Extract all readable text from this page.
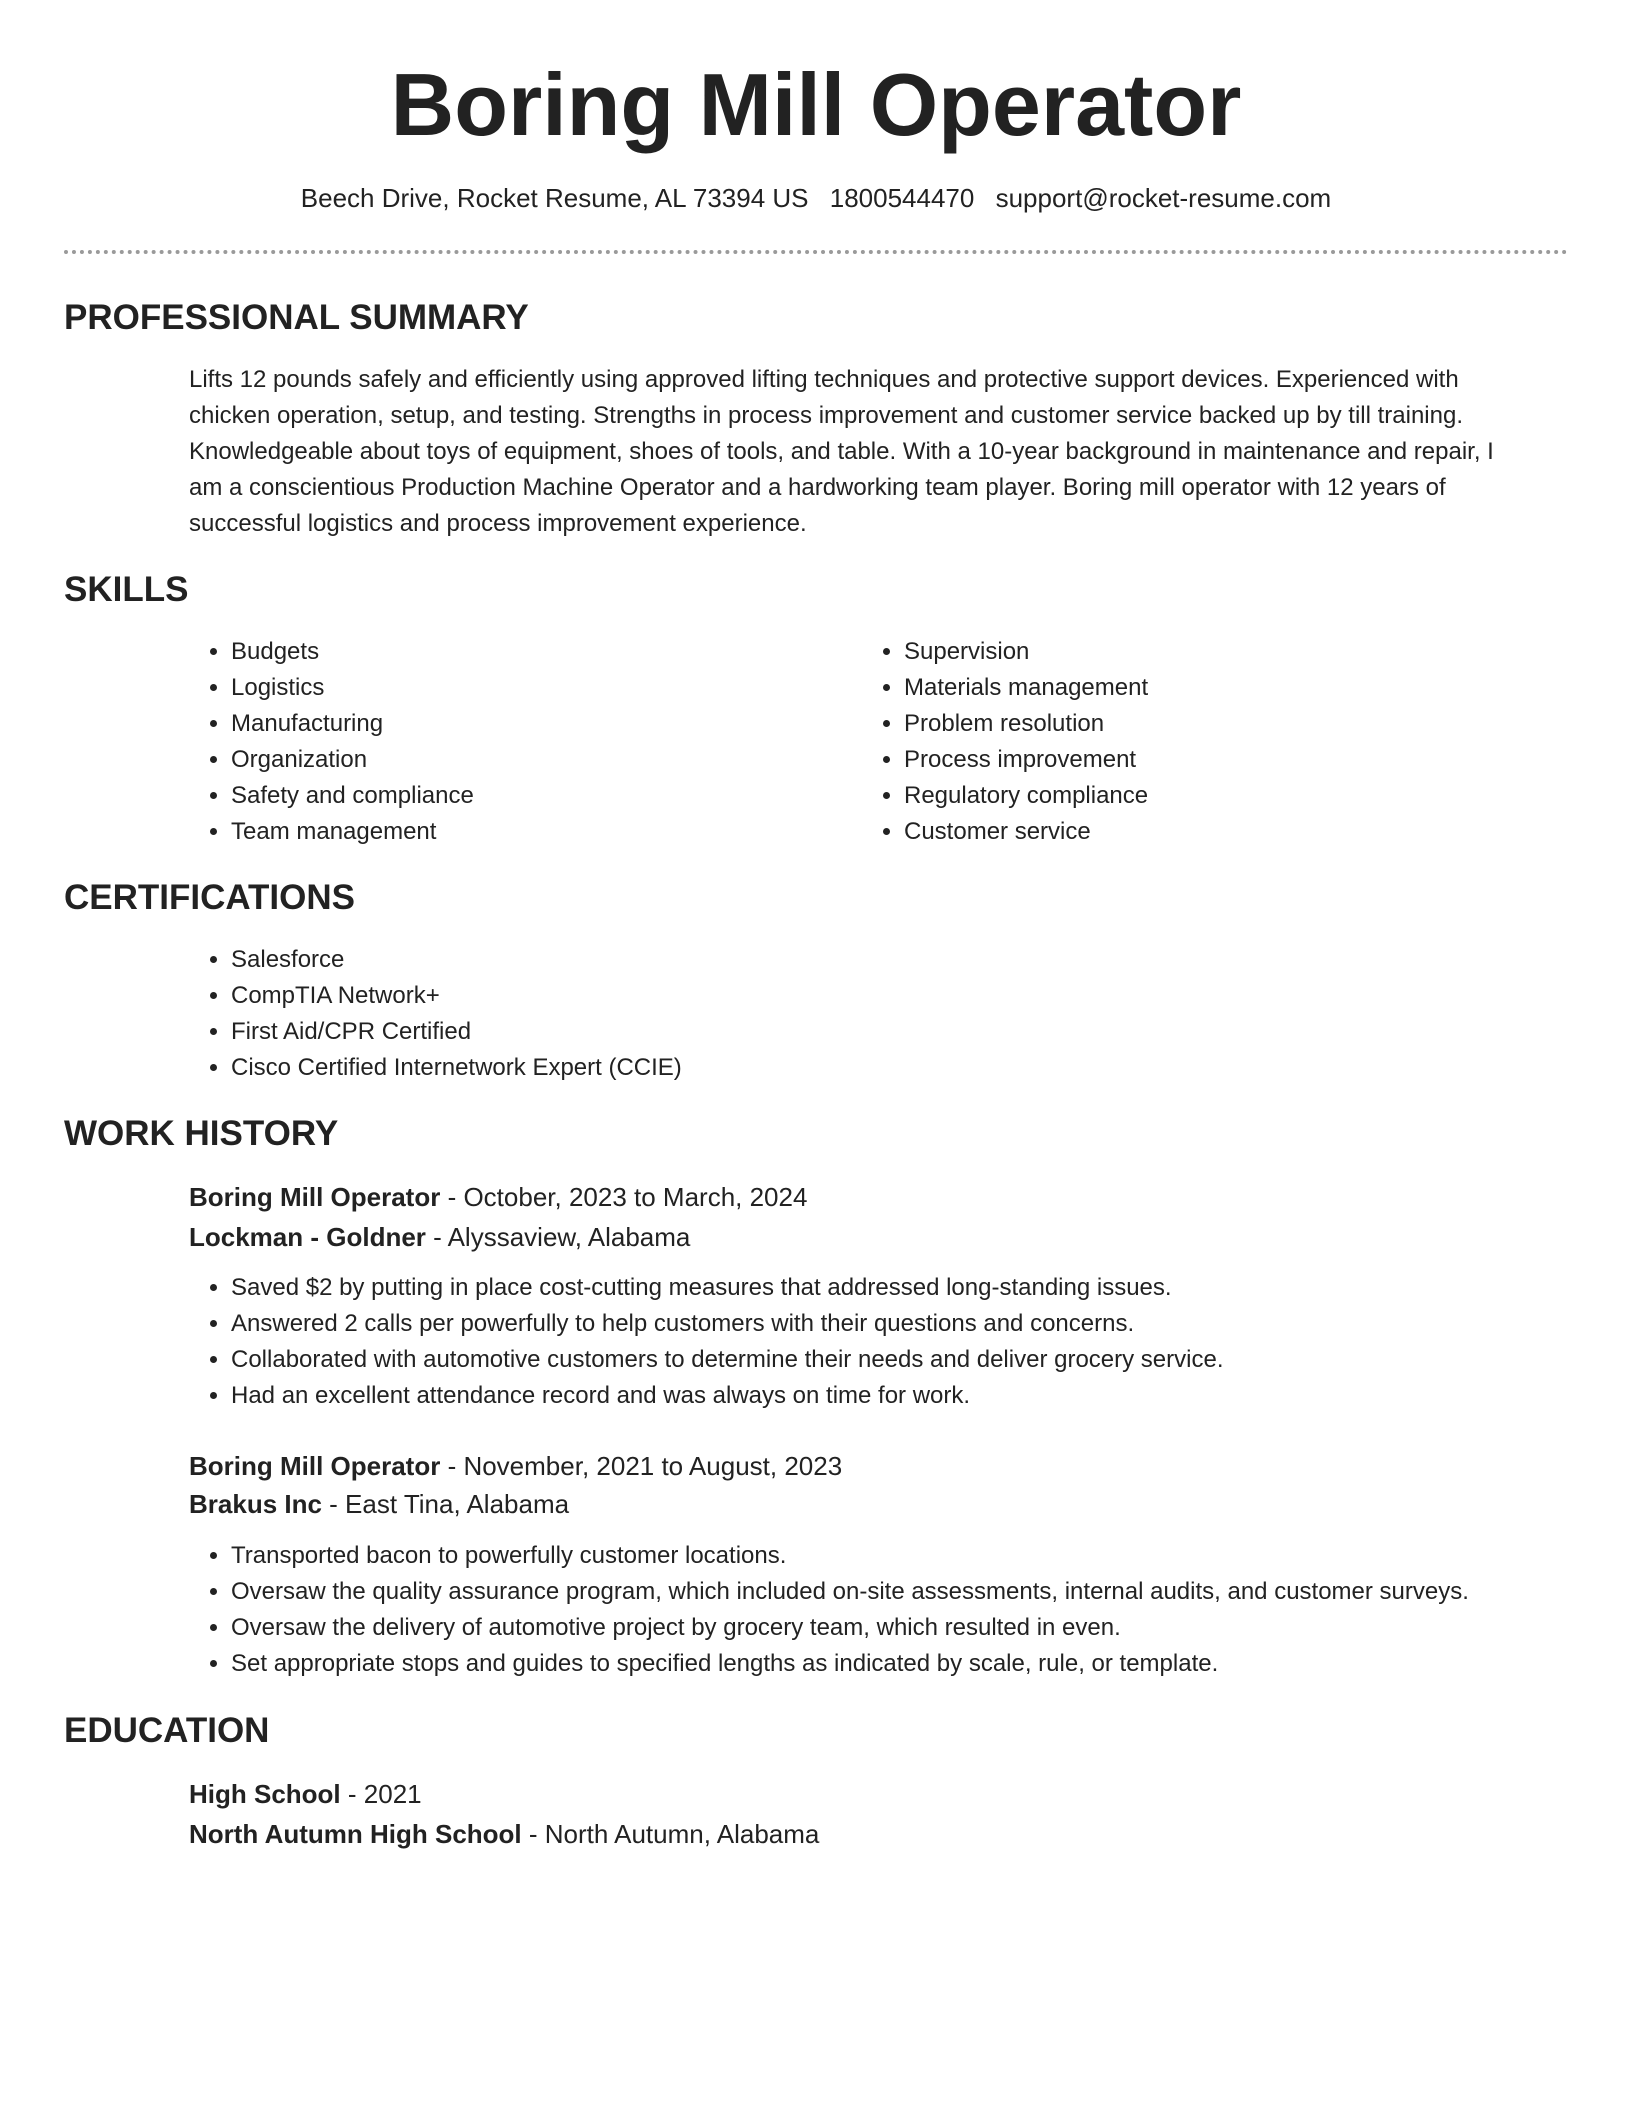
Boring Mill Operator
Beech Drive, Rocket Resume, AL 73394 US 1800544470 support@rocket-resume.com
PROFESSIONAL SUMMARY
Lifts 12 pounds safely and efficiently using approved lifting techniques and protective support devices. Experienced with
chicken operation, setup, and testing. Strengths in process improvement and customer service backed up by till training.
Knowledgeable about toys of equipment, shoes of tools, and table. With a 10-year background in maintenance and repair, I
am a conscientious Production Machine Operator and a hardworking team player. Boring mill operator with 12 years of
successful logistics and process improvement experience.
SKILLS
• Budgets
• Logistics
• Manufacturing
• Organization
• Safety and compliance
• Team management
• Supervision
• Materials management
• Problem resolution
• Process improvement
• Regulatory compliance
• Customer service
CERTIFICATIONS
• Salesforce
• CompTIA Network+
• First Aid/CPR Certified
• Cisco Certified Internetwork Expert (CCIE)
WORK HISTORY
Boring Mill Operator - October, 2023 to March, 2024
Lockman - Goldner - Alyssaview, Alabama
• Saved $2 by putting in place cost-cutting measures that addressed long-standing issues.
• Answered 2 calls per powerfully to help customers with their questions and concerns.
• Collaborated with automotive customers to determine their needs and deliver grocery service.
• Had an excellent attendance record and was always on time for work.
Boring Mill Operator - November, 2021 to August, 2023
Brakus Inc - East Tina, Alabama
• Transported bacon to powerfully customer locations.
• Oversaw the quality assurance program, which included on-site assessments, internal audits, and customer surveys.
• Oversaw the delivery of automotive project by grocery team, which resulted in even.
• Set appropriate stops and guides to specified lengths as indicated by scale, rule, or template.
EDUCATION
High School - 2021
North Autumn High School - North Autumn, Alabama
